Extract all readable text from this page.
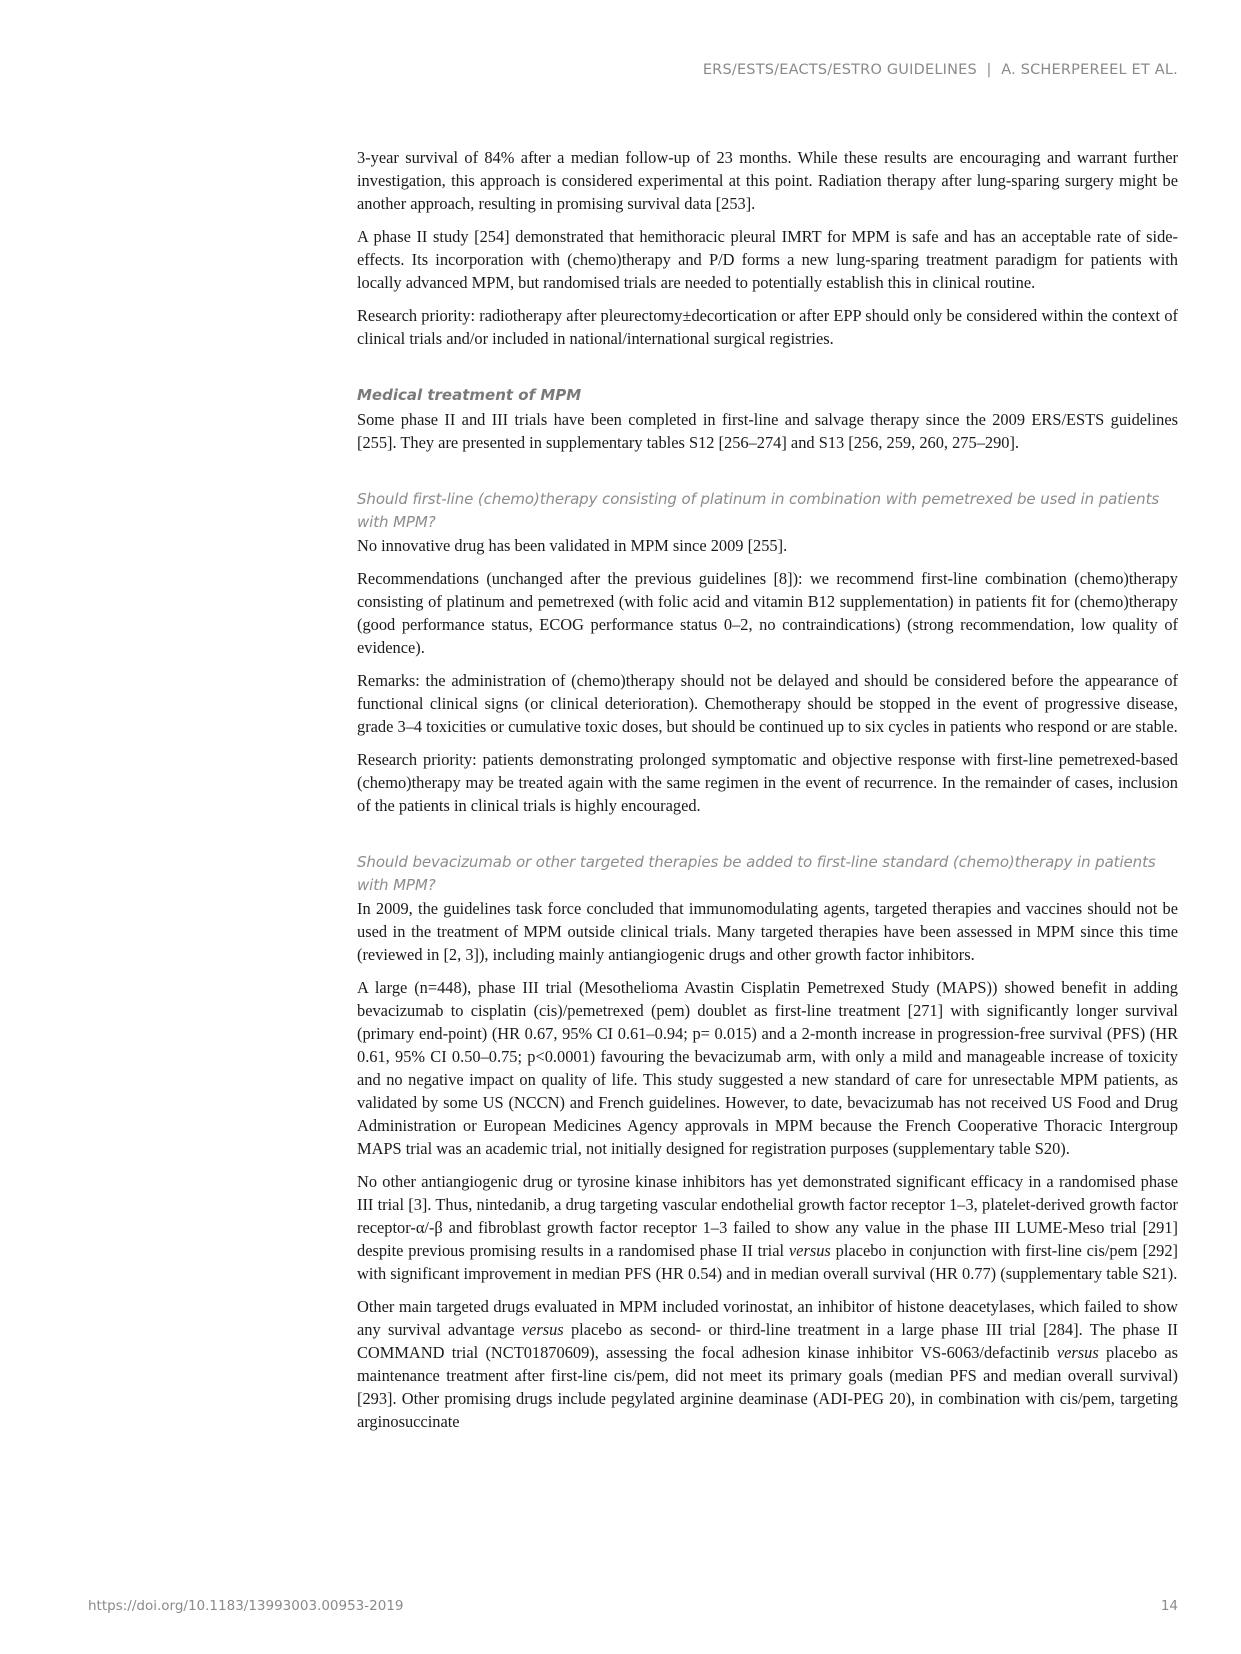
ERS/ESTS/EACTS/ESTRO GUIDELINES  |  A. SCHERPEREEL ET AL.

3-year survival of 84% after a median follow-up of 23 months. While these results are encouraging and warrant further investigation, this approach is considered experimental at this point. Radiation therapy after lung-sparing surgery might be another approach, resulting in promising survival data [253].

A phase II study [254] demonstrated that hemithoracic pleural IMRT for MPM is safe and has an acceptable rate of side-effects. Its incorporation with (chemo)therapy and P/D forms a new lung-sparing treatment paradigm for patients with locally advanced MPM, but randomised trials are needed to potentially establish this in clinical routine.

Research priority: radiotherapy after pleurectomy±decortication or after EPP should only be considered within the context of clinical trials and/or included in national/international surgical registries.

Medical treatment of MPM

Some phase II and III trials have been completed in first-line and salvage therapy since the 2009 ERS/ESTS guidelines [255]. They are presented in supplementary tables S12 [256–274] and S13 [256, 259, 260, 275–290].

Should first-line (chemo)therapy consisting of platinum in combination with pemetrexed be used in patients with MPM?

No innovative drug has been validated in MPM since 2009 [255].

Recommendations (unchanged after the previous guidelines [8]): we recommend first-line combination (chemo)therapy consisting of platinum and pemetrexed (with folic acid and vitamin B12 supplementation) in patients fit for (chemo)therapy (good performance status, ECOG performance status 0–2, no contraindications) (strong recommendation, low quality of evidence).

Remarks: the administration of (chemo)therapy should not be delayed and should be considered before the appearance of functional clinical signs (or clinical deterioration). Chemotherapy should be stopped in the event of progressive disease, grade 3–4 toxicities or cumulative toxic doses, but should be continued up to six cycles in patients who respond or are stable.

Research priority: patients demonstrating prolonged symptomatic and objective response with first-line pemetrexed-based (chemo)therapy may be treated again with the same regimen in the event of recurrence. In the remainder of cases, inclusion of the patients in clinical trials is highly encouraged.

Should bevacizumab or other targeted therapies be added to first-line standard (chemo)therapy in patients with MPM?

In 2009, the guidelines task force concluded that immunomodulating agents, targeted therapies and vaccines should not be used in the treatment of MPM outside clinical trials. Many targeted therapies have been assessed in MPM since this time (reviewed in [2, 3]), including mainly antiangiogenic drugs and other growth factor inhibitors.

A large (n=448), phase III trial (Mesothelioma Avastin Cisplatin Pemetrexed Study (MAPS)) showed benefit in adding bevacizumab to cisplatin (cis)/pemetrexed (pem) doublet as first-line treatment [271] with significantly longer survival (primary end-point) (HR 0.67, 95% CI 0.61–0.94; p= 0.015) and a 2-month increase in progression-free survival (PFS) (HR 0.61, 95% CI 0.50–0.75; p<0.0001) favouring the bevacizumab arm, with only a mild and manageable increase of toxicity and no negative impact on quality of life. This study suggested a new standard of care for unresectable MPM patients, as validated by some US (NCCN) and French guidelines. However, to date, bevacizumab has not received US Food and Drug Administration or European Medicines Agency approvals in MPM because the French Cooperative Thoracic Intergroup MAPS trial was an academic trial, not initially designed for registration purposes (supplementary table S20).

No other antiangiogenic drug or tyrosine kinase inhibitors has yet demonstrated significant efficacy in a randomised phase III trial [3]. Thus, nintedanib, a drug targeting vascular endothelial growth factor receptor 1–3, platelet-derived growth factor receptor-α/-β and fibroblast growth factor receptor 1–3 failed to show any value in the phase III LUME-Meso trial [291] despite previous promising results in a randomised phase II trial versus placebo in conjunction with first-line cis/pem [292] with significant improvement in median PFS (HR 0.54) and in median overall survival (HR 0.77) (supplementary table S21).

Other main targeted drugs evaluated in MPM included vorinostat, an inhibitor of histone deacetylases, which failed to show any survival advantage versus placebo as second- or third-line treatment in a large phase III trial [284]. The phase II COMMAND trial (NCT01870609), assessing the focal adhesion kinase inhibitor VS-6063/defactinib versus placebo as maintenance treatment after first-line cis/pem, did not meet its primary goals (median PFS and median overall survival) [293]. Other promising drugs include pegylated arginine deaminase (ADI-PEG 20), in combination with cis/pem, targeting arginosuccinate

https://doi.org/10.1183/13993003.00953-2019	14
